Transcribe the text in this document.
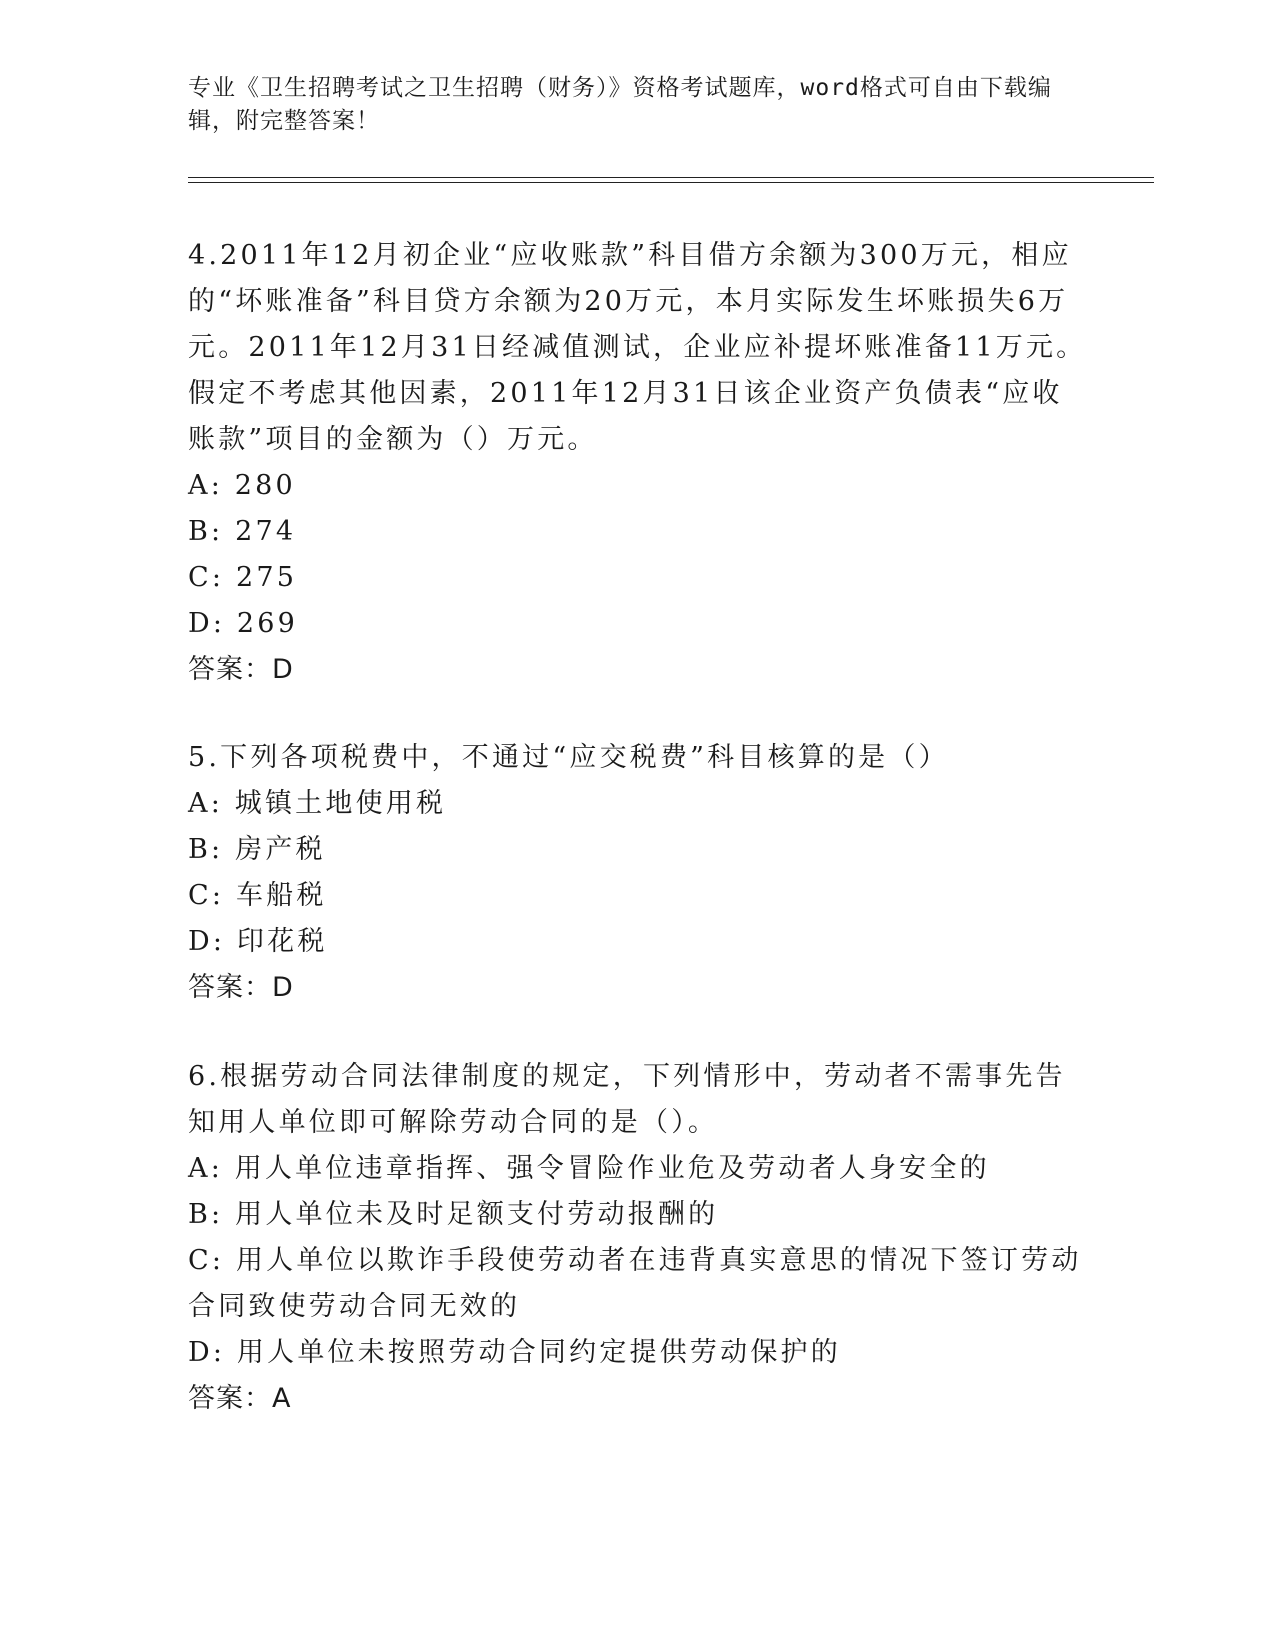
专业《卫生招聘考试之卫生招聘（财务）》资格考试题库，word格式可自由下载编辑，附完整答案！

4.2011年12月初企业“应收账款”科目借方余额为300万元，相应的“坏账准备”科目贷方余额为20万元，本月实际发生坏账损失6万元。2011年12月31日经减值测试，企业应补提坏账准备11万元。假定不考虑其他因素，2011年12月31日该企业资产负债表“应收账款”项目的金额为（）万元。

A: 280

B: 274

C: 275

D: 269

答案：D

5.下列各项税费中，不通过“应交税费”科目核算的是（）

A: 城镇土地使用税

B: 房产税

C: 车船税

D: 印花税

答案：D

6.根据劳动合同法律制度的规定，下列情形中，劳动者不需事先告知用人单位即可解除劳动合同的是（）。

A: 用人单位违章指挥、强令冒险作业危及劳动者人身安全的

B: 用人单位未及时足额支付劳动报酬的

C: 用人单位以欺诈手段使劳动者在违背真实意思的情况下签订劳动合同致使劳动合同无效的

D: 用人单位未按照劳动合同约定提供劳动保护的

答案：A
